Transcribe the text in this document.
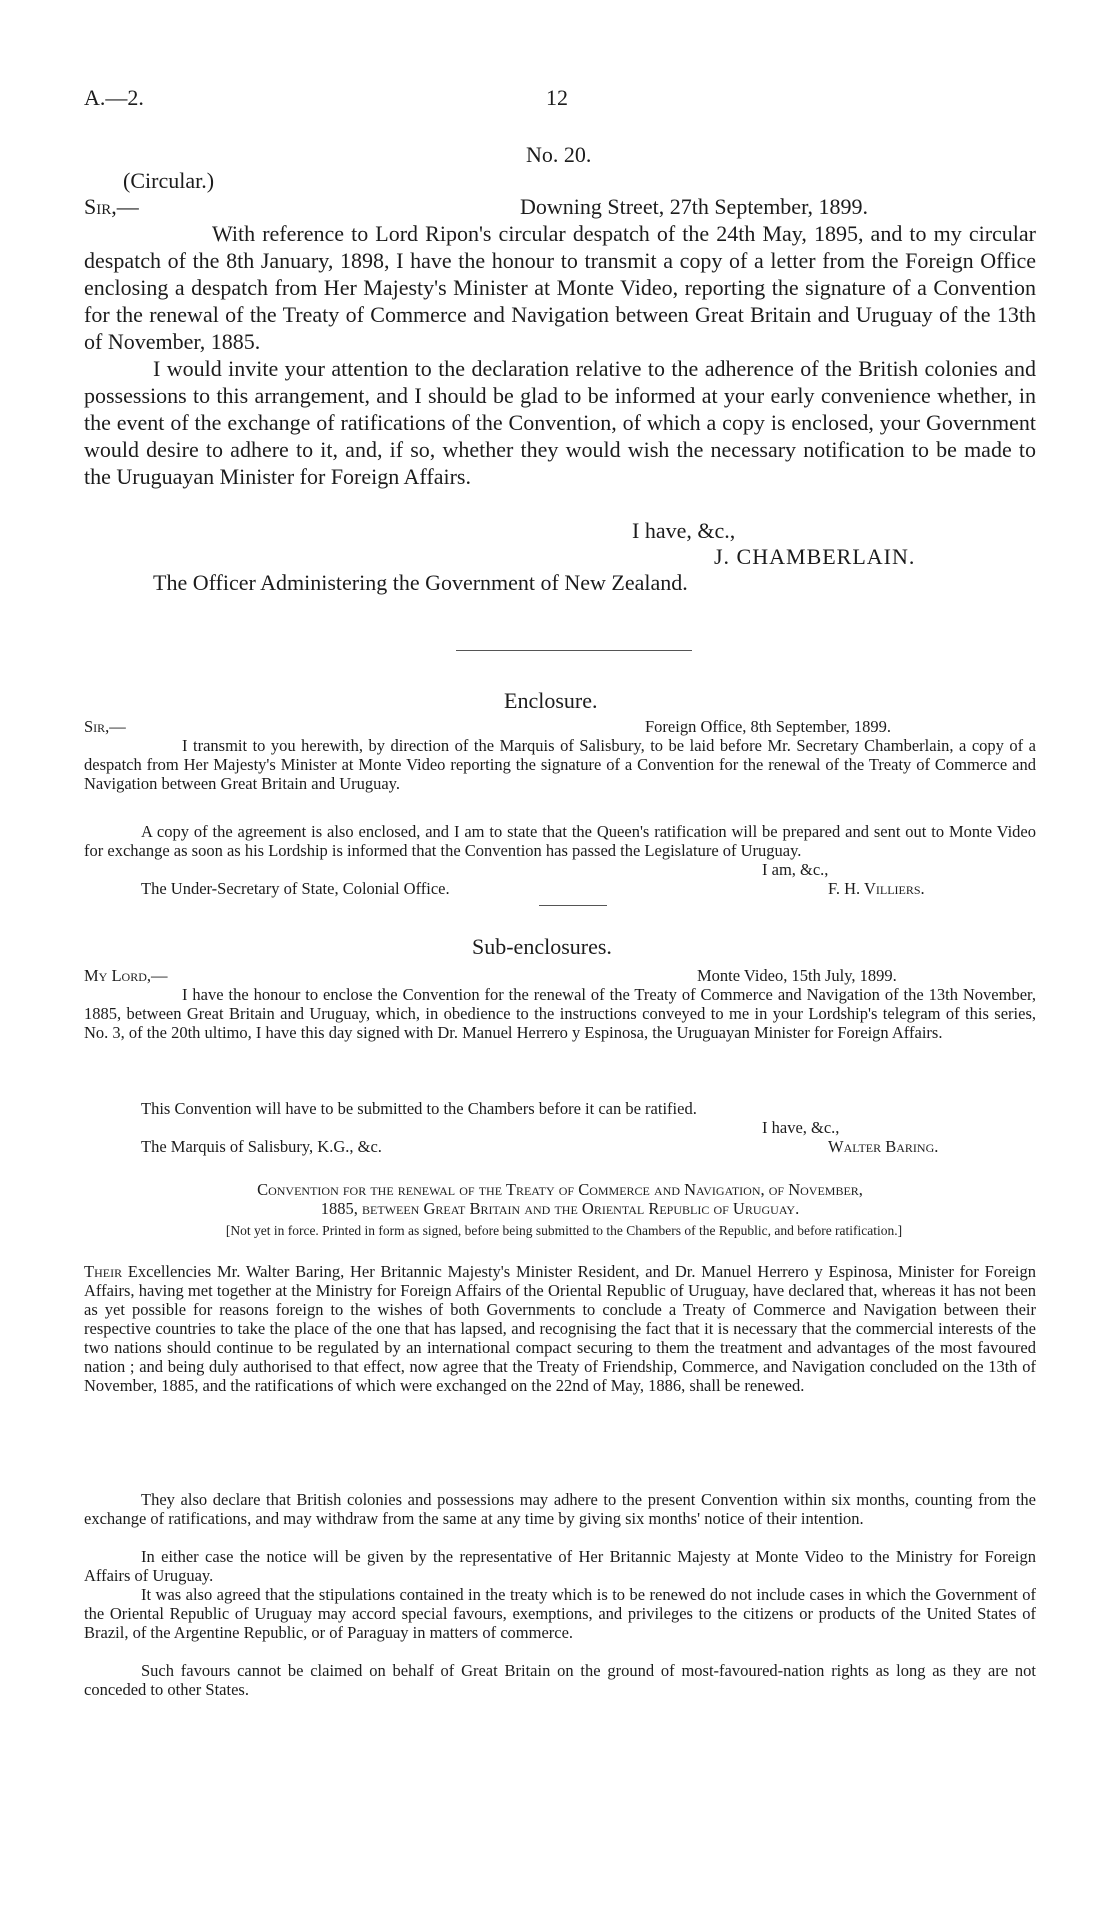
A.—2.	12
No. 20.
(Circular.)
Sir,—	Downing Street, 27th September, 1899.

With reference to Lord Ripon's circular despatch of the 24th May, 1895, and to my circular despatch of the 8th January, 1898, I have the honour to transmit a copy of a letter from the Foreign Office enclosing a despatch from Her Majesty's Minister at Monte Video, reporting the signature of a Convention for the renewal of the Treaty of Commerce and Navigation between Great Britain and Uruguay of the 13th of November, 1885.

I would invite your attention to the declaration relative to the adherence of the British colonies and possessions to this arrangement, and I should be glad to be informed at your early convenience whether, in the event of the exchange of ratifications of the Convention, of which a copy is enclosed, your Government would desire to adhere to it, and, if so, whether they would wish the necessary notification to be made to the Uruguayan Minister for Foreign Affairs.

I have, &c.,
J. CHAMBERLAIN.
The Officer Administering the Government of New Zealand.
Enclosure.
Sir,—	Foreign Office, 8th September, 1899.

I transmit to you herewith, by direction of the Marquis of Salisbury, to be laid before Mr. Secretary Chamberlain, a copy of a despatch from Her Majesty's Minister at Monte Video reporting the signature of a Convention for the renewal of the Treaty of Commerce and Navigation between Great Britain and Uruguay.

A copy of the agreement is also enclosed, and I am to state that the Queen's ratification will be prepared and sent out to Monte Video for exchange as soon as his Lordship is informed that the Convention has passed the Legislature of Uruguay.

I am, &c.,
The Under-Secretary of State, Colonial Office.	F. H. Villiers.
Sub-enclosures.
My Lord,—	Monte Video, 15th July, 1899.

I have the honour to enclose the Convention for the renewal of the Treaty of Commerce and Navigation of the 13th November, 1885, between Great Britain and Uruguay, which, in obedience to the instructions conveyed to me in your Lordship's telegram of this series, No. 3, of the 20th ultimo, I have this day signed with Dr. Manuel Herrero y Espinosa, the Uruguayan Minister for Foreign Affairs.

This Convention will have to be submitted to the Chambers before it can be ratified.

I have, &c.,
The Marquis of Salisbury, K.G., &c.	Walter Baring.
Convention for the renewal of the Treaty of Commerce and Navigation, of November,
1885, between Great Britain and the Oriental Republic of Uruguay.

[Not yet in force. Printed in form as signed, before being submitted to the Chambers of the Republic, and before ratification.]

Their Excellencies Mr. Walter Baring, Her Britannic Majesty's Minister Resident, and Dr. Manuel Herrero y Espinosa, Minister for Foreign Affairs, having met together at the Ministry for Foreign Affairs of the Oriental Republic of Uruguay, have declared that, whereas it has not been as yet possible for reasons foreign to the wishes of both Governments to conclude a Treaty of Commerce and Navigation between their respective countries to take the place of the one that has lapsed, and recognising the fact that it is necessary that the commercial interests of the two nations should continue to be regulated by an international compact securing to them the treatment and advantages of the most favoured nation ; and being duly authorised to that effect, now agree that the Treaty of Friendship, Commerce, and Navigation concluded on the 13th of November, 1885, and the ratifications of which were exchanged on the 22nd of May, 1886, shall be renewed.

They also declare that British colonies and possessions may adhere to the present Convention within six months, counting from the exchange of ratifications, and may withdraw from the same at any time by giving six months' notice of their intention.

In either case the notice will be given by the representative of Her Britannic Majesty at Monte Video to the Ministry for Foreign Affairs of Uruguay.

It was also agreed that the stipulations contained in the treaty which is to be renewed do not include cases in which the Government of the Oriental Republic of Uruguay may accord special favours, exemptions, and privileges to the citizens or products of the United States of Brazil, of the Argentine Republic, or of Paraguay in matters of commerce.

Such favours cannot be claimed on behalf of Great Britain on the ground of most-favoured-nation rights as long as they are not conceded to other States.
